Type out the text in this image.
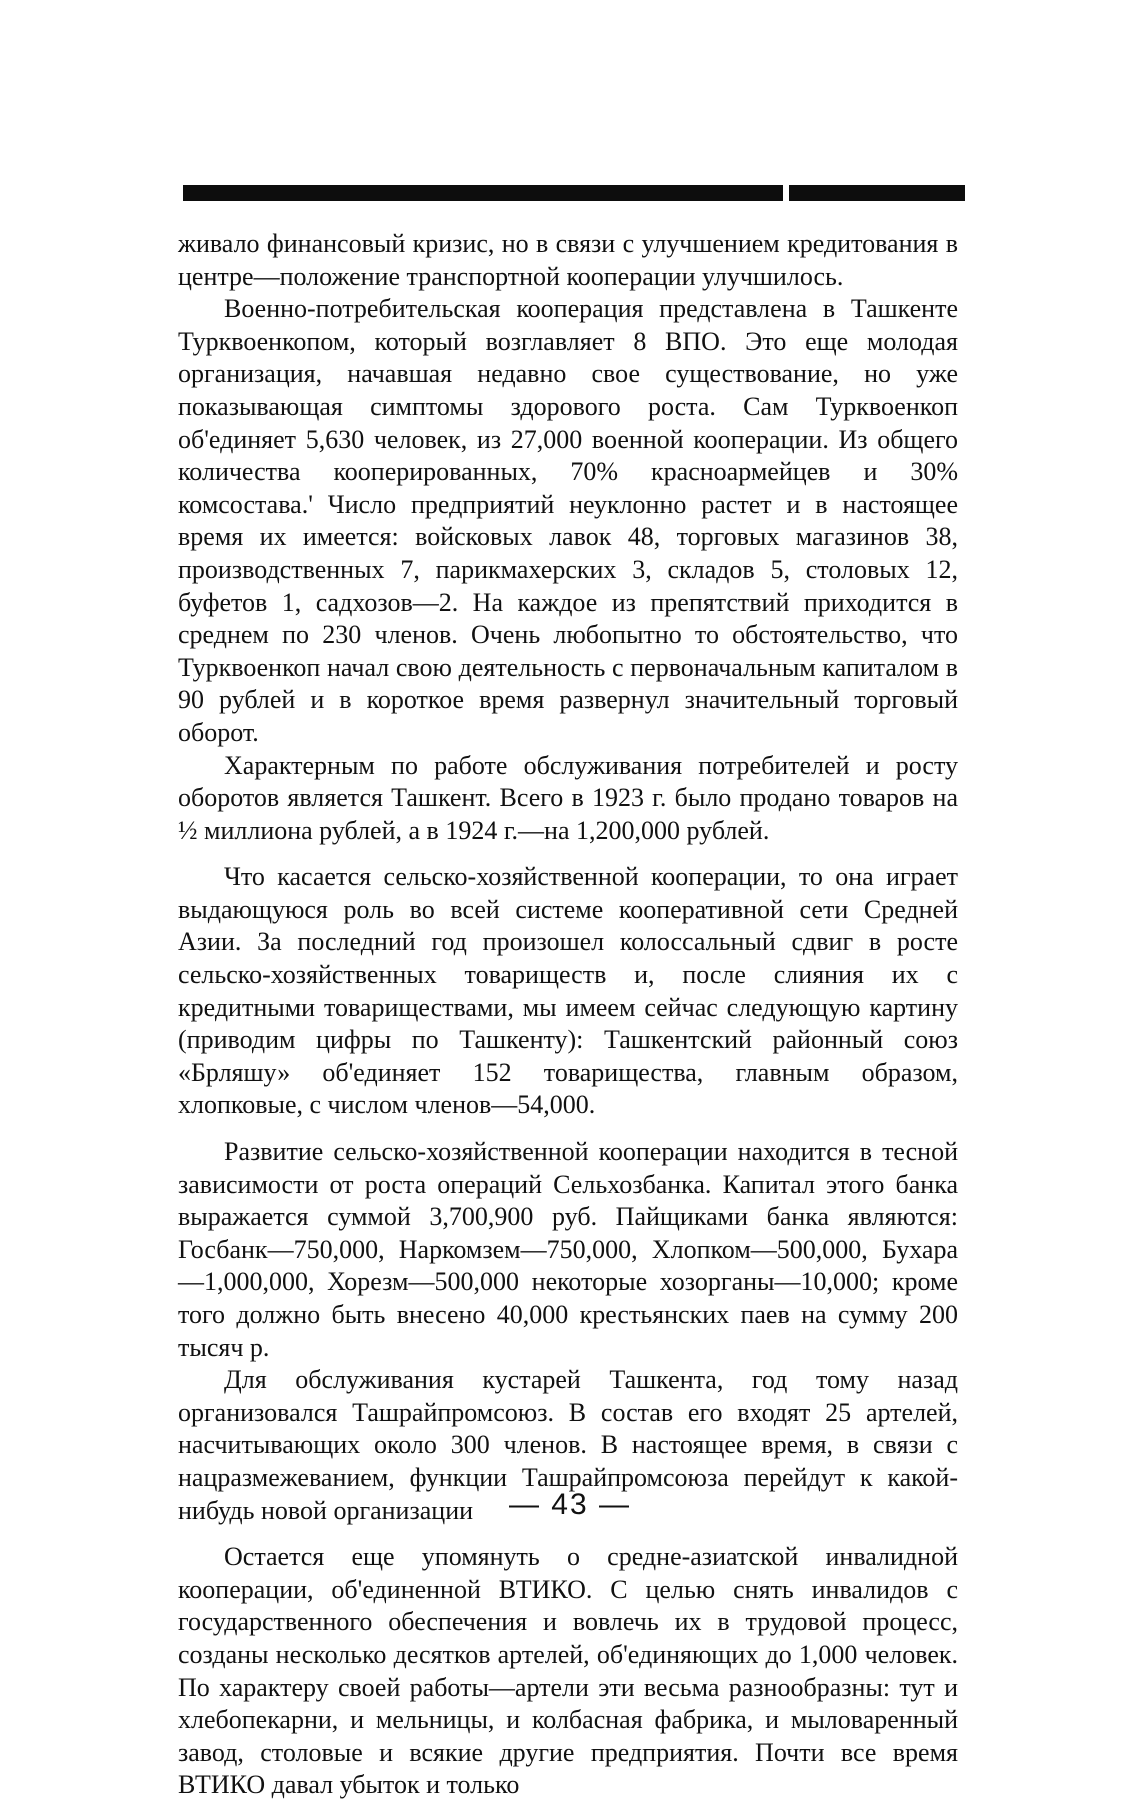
живало финансовый кризис, но в связи с улучшением кредитования в центре—положение транспортной кооперации улучшилось.

Военно-потребительская кооперация представлена в Ташкенте Турквоенкопом, который возглавляет 8 ВПО. Это еще молодая организация, начавшая недавно свое существование, но уже показывающая симптомы здорового роста. Сам Турквоенкоп об'единяет 5,630 человек, из 27,000 военной кооперации. Из общего количества кооперированных, 70% красноармейцев и 30% комсостава.' Число предприятий неуклонно растет и в настоящее время их имеется: войсковых лавок 48, торговых магазинов 38, производственных 7, парикмахерских 3, складов 5, столовых 12, буфетов 1, садхозов—2. На каждое из препятствий приходится в среднем по 230 членов. Очень любопытно то обстоятельство, что Турквоенкоп начал свою деятельность с первоначальным капиталом в 90 рублей и в короткое время развернул значительный торговый оборот.

Характерным по работе обслуживания потребителей и росту оборотов является Ташкент. Всего в 1923 г. было продано товаров на ½ миллиона рублей, а в 1924 г.—на 1,200,000 рублей.

Что касается сельско-хозяйственной кооперации, то она играет выдающуюся роль во всей системе кооперативной сети Средней Азии. За последний год произошел колоссальный сдвиг в росте сельско-хозяйственных товариществ и, после слияния их с кредитными товариществами, мы имеем сейчас следующую картину (приводим цифры по Ташкенту): Ташкентский районный союз «Брляшу» об'единяет 152 товарищества, главным образом, хлопковые, с числом членов—54,000.

Развитие сельско-хозяйственной кооперации находится в тесной зависимости от роста операций Сельхозбанка. Капитал этого банка выражается суммой 3,700,900 руб. Пайщиками банка являются: Госбанк—750,000, Наркомзем—750,000, Хлопком—500,000, Бухара—1,000,000, Хорезм—500,000 некоторые хозорганы—10,000; кроме того должно быть внесено 40,000 крестьянских паев на сумму 200 тысяч р.

Для обслуживания кустарей Ташкента, год тому назад организовался Ташрайпромсоюз. В состав его входят 25 артелей, насчитывающих около 300 членов. В настоящее время, в связи с нацразмежеванием, функции Ташрайпромсоюза перейдут к какой-нибудь новой организации

Остается еще упомянуть о средне-азиатской инвалидной кооперации, об'единенной ВТИКО. С целью снять инвалидов с государственного обеспечения и вовлечь их в трудовой процесс, созданы несколько десятков артелей, об'единяющих до 1,000 человек. По характеру своей работы—артели эти весьма разнообразны: тут и хлебопекарни, и мельницы, и колбасная фабрика, и мыловаренный завод, столовые и всякие другие предприятия. Почти все время ВТИКО давал убыток и только

— 43 —
